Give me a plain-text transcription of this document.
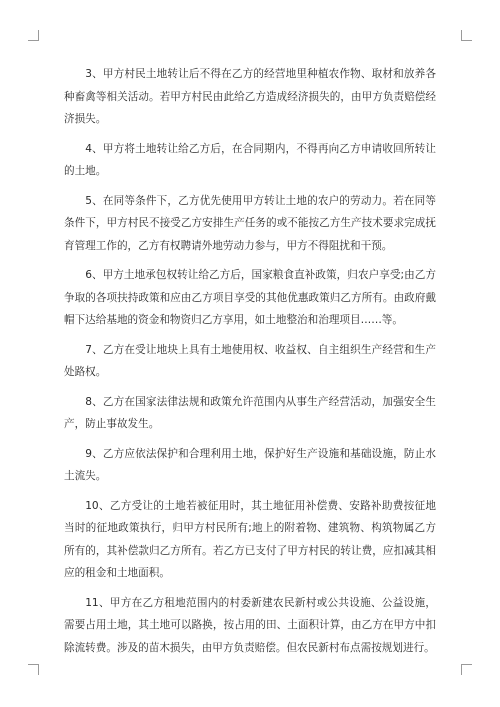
3、甲方村民土地转让后不得在乙方的经营地里种植农作物、取材和放养各种畜禽等相关活动。若甲方村民由此给乙方造成经济损失的，由甲方负责赔偿经济损失。

4、甲方将土地转让给乙方后，在合同期内，不得再向乙方申请收回所转让的土地。

5、在同等条件下，乙方优先使用甲方转让土地的农户的劳动力。若在同等条件下，甲方村民不接受乙方安排生产任务的或不能按乙方生产技术要求完成抚育管理工作的，乙方有权聘请外地劳动力参与，甲方不得阻扰和干预。

6、甲方土地承包权转让给乙方后，国家粮食直补政策，归农户享受;由乙方争取的各项扶持政策和应由乙方项目享受的其他优惠政策归乙方所有。由政府戴帽下达给基地的资金和物资归乙方享用，如土地整治和治理项目……等。

7、乙方在受让地块上具有土地使用权、收益权、自主组织生产经营和生产处路权。

8、乙方在国家法律法规和政策允许范围内从事生产经营活动，加强安全生产，防止事故发生。

9、乙方应依法保护和合理利用土地，保护好生产设施和基础设施，防止水土流失。

10、乙方受让的土地若被征用时，其土地征用补偿费、安路补助费按征地当时的征地政策执行，归甲方村民所有;地上的附着物、建筑物、构筑物属乙方所有的，其补偿款归乙方所有。若乙方已支付了甲方村民的转让费，应扣减其相应的租金和土地面积。

11、甲方在乙方租地范围内的村委新建农民新村或公共设施、公益设施，需要占用土地，其土地可以路换，按占用的田、土面积计算，由乙方在甲方中扣除流转费。涉及的苗木损失，由甲方负责赔偿。但农民新村布点需按规划进行。
